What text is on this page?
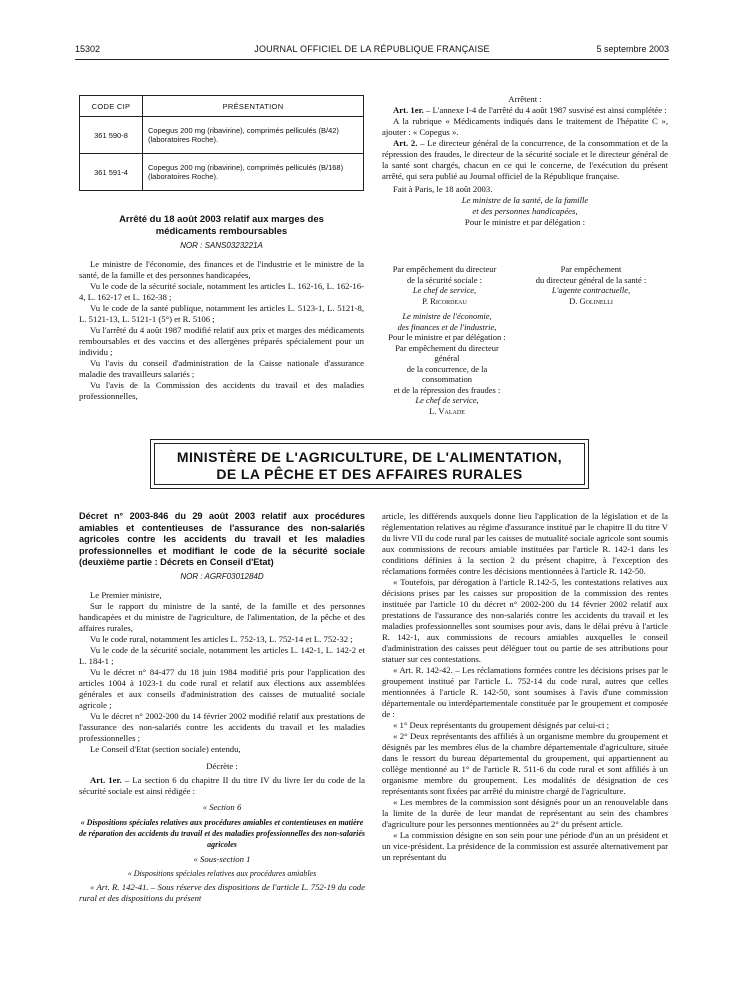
15302	JOURNAL OFFICIEL DE LA RÉPUBLIQUE FRANÇAISE	5 septembre 2003
CODE CIP	PRÉSENTATION
361 590-8	Copegus 200 mg (ribavirine), comprimés pelliculés (B/42) (laboratoires Roche).
361 591-4	Copegus 200 mg (ribavirine), comprimés pelliculés (B/168) (laboratoires Roche).
Arrêté du 18 août 2003 relatif aux marges des médicaments remboursables
NOR : SANS0323221A

Le ministre de l'économie, des finances et de l'industrie et le ministre de la santé, de la famille et des personnes handicapées,

Vu le code de la sécurité sociale, notamment les articles L. 162-16, L. 162-16-4, L. 162-17 et L. 162-38 ;

Vu le code de la santé publique, notamment les articles L. 5123-1, L. 5121-8, L. 5121-13, L. 5121-1 (5°) et R. 5106 ;

Vu l'arrêté du 4 août 1987 modifié relatif aux prix et marges des médicaments remboursables et des vaccins et des allergènes préparés spécialement pour un individu ;

Vu l'avis du conseil d'administration de la Caisse nationale d'assurance maladie des travailleurs salariés ;

Vu l'avis de la Commission des accidents du travail et des maladies professionnelles,

Arrêtent :

Art. 1er. – L'annexe I-4 de l'arrêté du 4 août 1987 susvisé est ainsi complétée :

A la rubrique « Médicaments indiqués dans le traitement de l'hépatite C », ajouter : « Copegus ».

Art. 2. – Le directeur général de la concurrence, de la consommation et de la répression des fraudes, le directeur de la sécurité sociale et le directeur général de la santé sont chargés, chacun en ce qui le concerne, de l'exécution du présent arrêté, qui sera publié au Journal officiel de la République française.

Fait à Paris, le 18 août 2003.

Le ministre de la santé, de la famille
et des personnes handicapées,
Pour le ministre et par délégation :
Par empêchement du directeur
de la sécurité sociale :
Le chef de service,
P. Ricordeau
Par empêchement
du directeur général de la santé :
L'agente contractuelle,
D. Golinelli
Le ministre de l'économie,
des finances et de l'industrie,
Pour le ministre et par délégation :
Par empêchement du directeur général
de la concurrence, de la consommation
et de la répression des fraudes :
Le chef de service,
L. Valade
MINISTÈRE DE L'AGRICULTURE, DE L'ALIMENTATION,
DE LA PÊCHE ET DES AFFAIRES RURALES
Décret n° 2003-846 du 29 août 2003 relatif aux procédures amiables et contentieuses de l'assurance des non-salariés agricoles contre les accidents du travail et les maladies professionnelles et modifiant le code de la sécurité sociale (deuxième partie : Décrets en Conseil d'Etat)
NOR : AGRF0301284D

Le Premier ministre,

Sur le rapport du ministre de la santé, de la famille et des personnes handicapées et du ministre de l'agriculture, de l'alimentation, de la pêche et des affaires rurales,

Vu le code rural, notamment les articles L. 752-13, L. 752-14 et L. 752-32 ;

Vu le code de la sécurité sociale, notamment les articles L. 142-1, L. 142-2 et L. 184-1 ;

Vu le décret n° 84-477 du 18 juin 1984 modifié pris pour l'application des articles 1004 à 1023-1 du code rural et relatif aux élections aux assemblées générales et aux conseils d'administration des caisses de mutualité sociale agricole ;

Vu le décret n° 2002-200 du 14 février 2002 modifié relatif aux prestations de l'assurance des non-salariés contre les accidents du travail et les maladies professionnelles ;

Le Conseil d'Etat (section sociale) entendu,

Décrète :

Art. 1er. – La section 6 du chapitre II du titre IV du livre Ier du code de la sécurité sociale est ainsi rédigée :

« Section 6
« Dispositions spéciales relatives aux procédures amiables et contentieuses en matière de réparation des accidents du travail et des maladies professionnelles des non-salariés agricoles
« Sous-section 1
« Dispositions spéciales relatives aux procédures amiables

« Art. R. 142-41. – Sous réserve des dispositions de l'article L. 752-19 du code rural et des dispositions du présent

article, les différends auxquels donne lieu l'application de la législation et de la réglementation relatives au régime d'assurance institué par le chapitre II du titre V du livre VII du code rural par les caisses de mutualité sociale agricole sont soumis aux commissions de recours amiable instituées par l'article R. 142-1 dans les conditions définies à la section 2 du présent chapitre, à l'exception des réclamations formées contre les décisions mentionnées à l'article R. 142-50.

« Toutefois, par dérogation à l'article R.142-5, les contestations relatives aux décisions prises par les caisses sur proposition de la commission des rentes instituée par l'article 10 du décret n° 2002-200 du 14 février 2002 relatif aux prestations de l'assurance des non-salariés contre les accidents du travail et les maladies professionnelles sont soumises pour avis, dans le délai prévu à l'article R. 142-1, aux commissions de recours amiables auxquelles le conseil d'administration des caisses peut déléguer tout ou partie de ses attributions pour statuer sur ces contestations.

« Art. R. 142-42. – Les réclamations formées contre les décisions prises par le groupement institué par l'article L. 752-14 du code rural, autres que celles mentionnées à l'article R. 142-50, sont soumises à l'avis d'une commission départementale ou interdépartementale constituée par le groupement et composée de :

« 1° Deux représentants du groupement désignés par celui-ci ;

« 2° Deux représentants des affiliés à un organisme membre du groupement et désignés par les membres élus de la chambre départementale d'agriculture, située dans le ressort du bureau départemental du groupement, qui appartiennent au collège mentionné au 1° de l'article R. 511-6 du code rural et sont affiliés à un organisme membre du groupement. Les modalités de désignation de ces représentants sont fixées par arrêté du ministre chargé de l'agriculture.

« Les membres de la commission sont désignés pour un an renouvelable dans la limite de la durée de leur mandat de représentant au sein des chambres d'agriculture pour les personnes mentionnées au 2° du présent article.

« La commission désigne en son sein pour une période d'un an un président et un vice-président. La présidence de la commission est assurée alternativement par un représentant du
